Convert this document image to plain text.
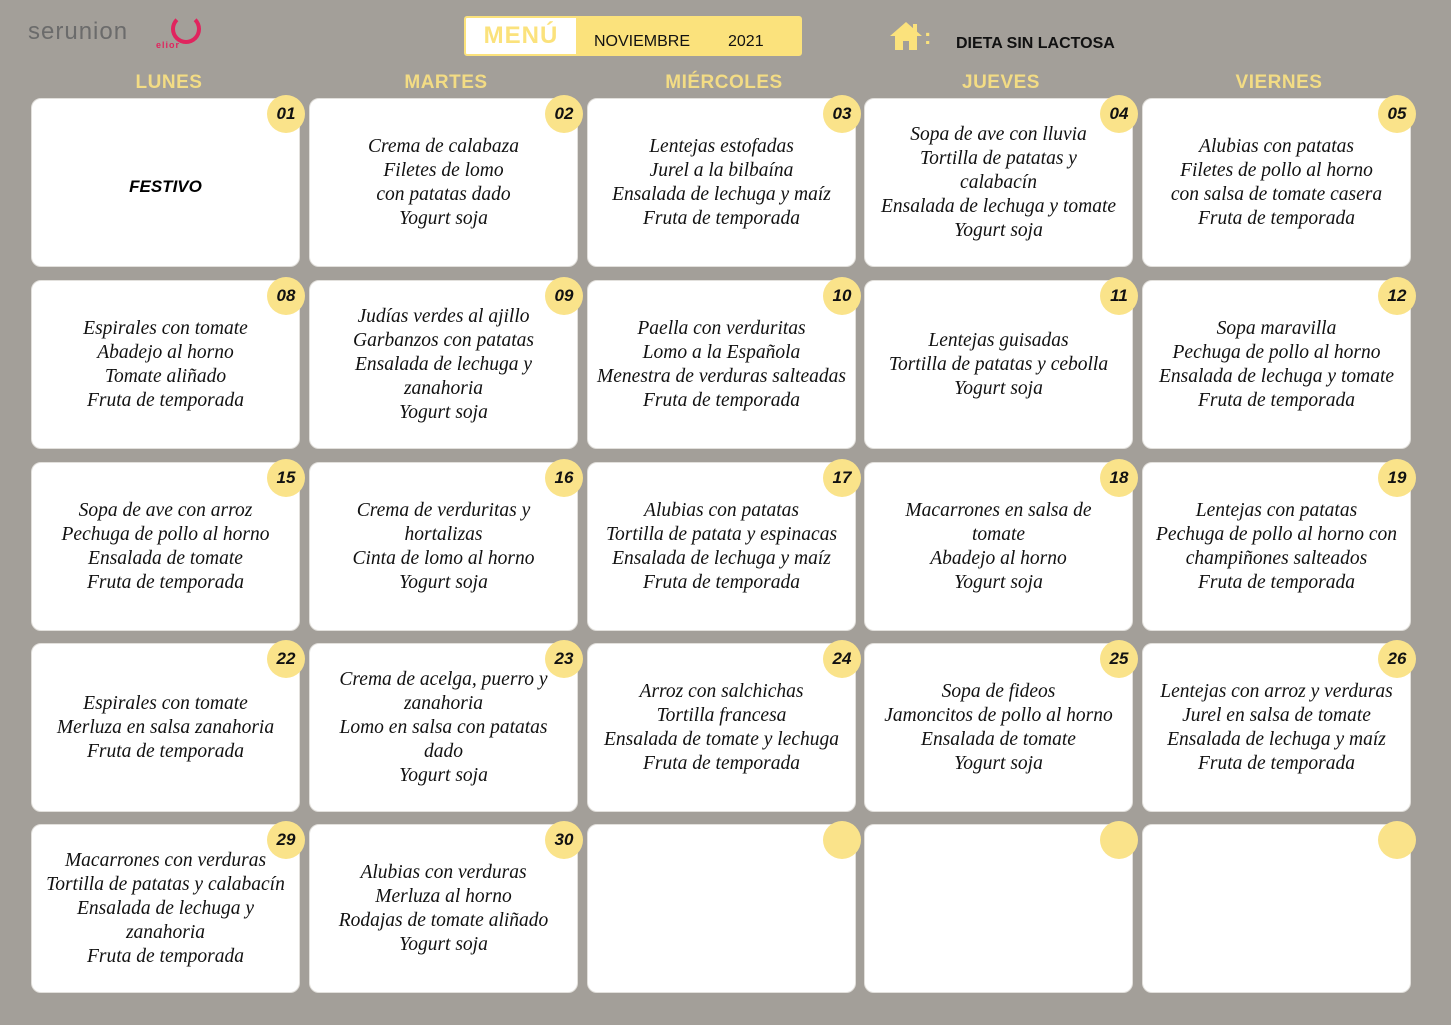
serunion	elior	MENÚ	NOVIEMBRE 2021	: DIETA SIN LACTOSA
LUNES	MARTES	MIÉRCOLES	JUEVES	VIERNES
01
FESTIVO
02
Crema de calabaza
Filetes de lomo
con patatas dado
Yogurt soja
03
Lentejas estofadas
Jurel a la bilbaína
Ensalada de lechuga y maíz
Fruta de temporada
04
Sopa de ave con lluvia
Tortilla de patatas y
calabacín
Ensalada de lechuga y tomate
Yogurt soja
05
Alubias con patatas
Filetes de pollo al horno
con salsa de tomate casera
Fruta de temporada
08
Espirales con tomate
Abadejo al horno
Tomate aliñado
Fruta de temporada
09
Judías verdes al ajillo
Garbanzos con patatas
Ensalada de lechuga y
zanahoria
Yogurt soja
10
Paella con verduritas
Lomo a la Española
Menestra de verduras salteadas
Fruta de temporada
11
Lentejas guisadas
Tortilla de patatas y cebolla
Yogurt soja
12
Sopa maravilla
Pechuga de pollo al horno
Ensalada de lechuga y tomate
Fruta de temporada
15
Sopa de ave con arroz
Pechuga de pollo al horno
Ensalada de tomate
Fruta de temporada
16
Crema de verduritas y
hortalizas
Cinta de lomo al horno
Yogurt soja
17
Alubias con patatas
Tortilla de patata y espinacas
Ensalada de lechuga y maíz
Fruta de temporada
18
Macarrones en salsa de
tomate
Abadejo al horno
Yogurt soja
19
Lentejas con patatas
Pechuga de pollo al horno con
champiñones salteados
Fruta de temporada
22
Espirales con tomate
Merluza en salsa zanahoria
Fruta de temporada
23
Crema de acelga, puerro y
zanahoria
Lomo en salsa con patatas
dado
Yogurt soja
24
Arroz con salchichas
Tortilla francesa
Ensalada de tomate y lechuga
Fruta de temporada
25
Sopa de fideos
Jamoncitos de pollo al horno
Ensalada de tomate
Yogurt soja
26
Lentejas con arroz y verduras
Jurel en salsa de tomate
Ensalada de lechuga y maíz
Fruta de temporada
29
Macarrones con verduras
Tortilla de patatas y calabacín
Ensalada de lechuga y
zanahoria
Fruta de temporada
30
Alubias con verduras
Merluza al horno
Rodajas de tomate aliñado
Yogurt soja
